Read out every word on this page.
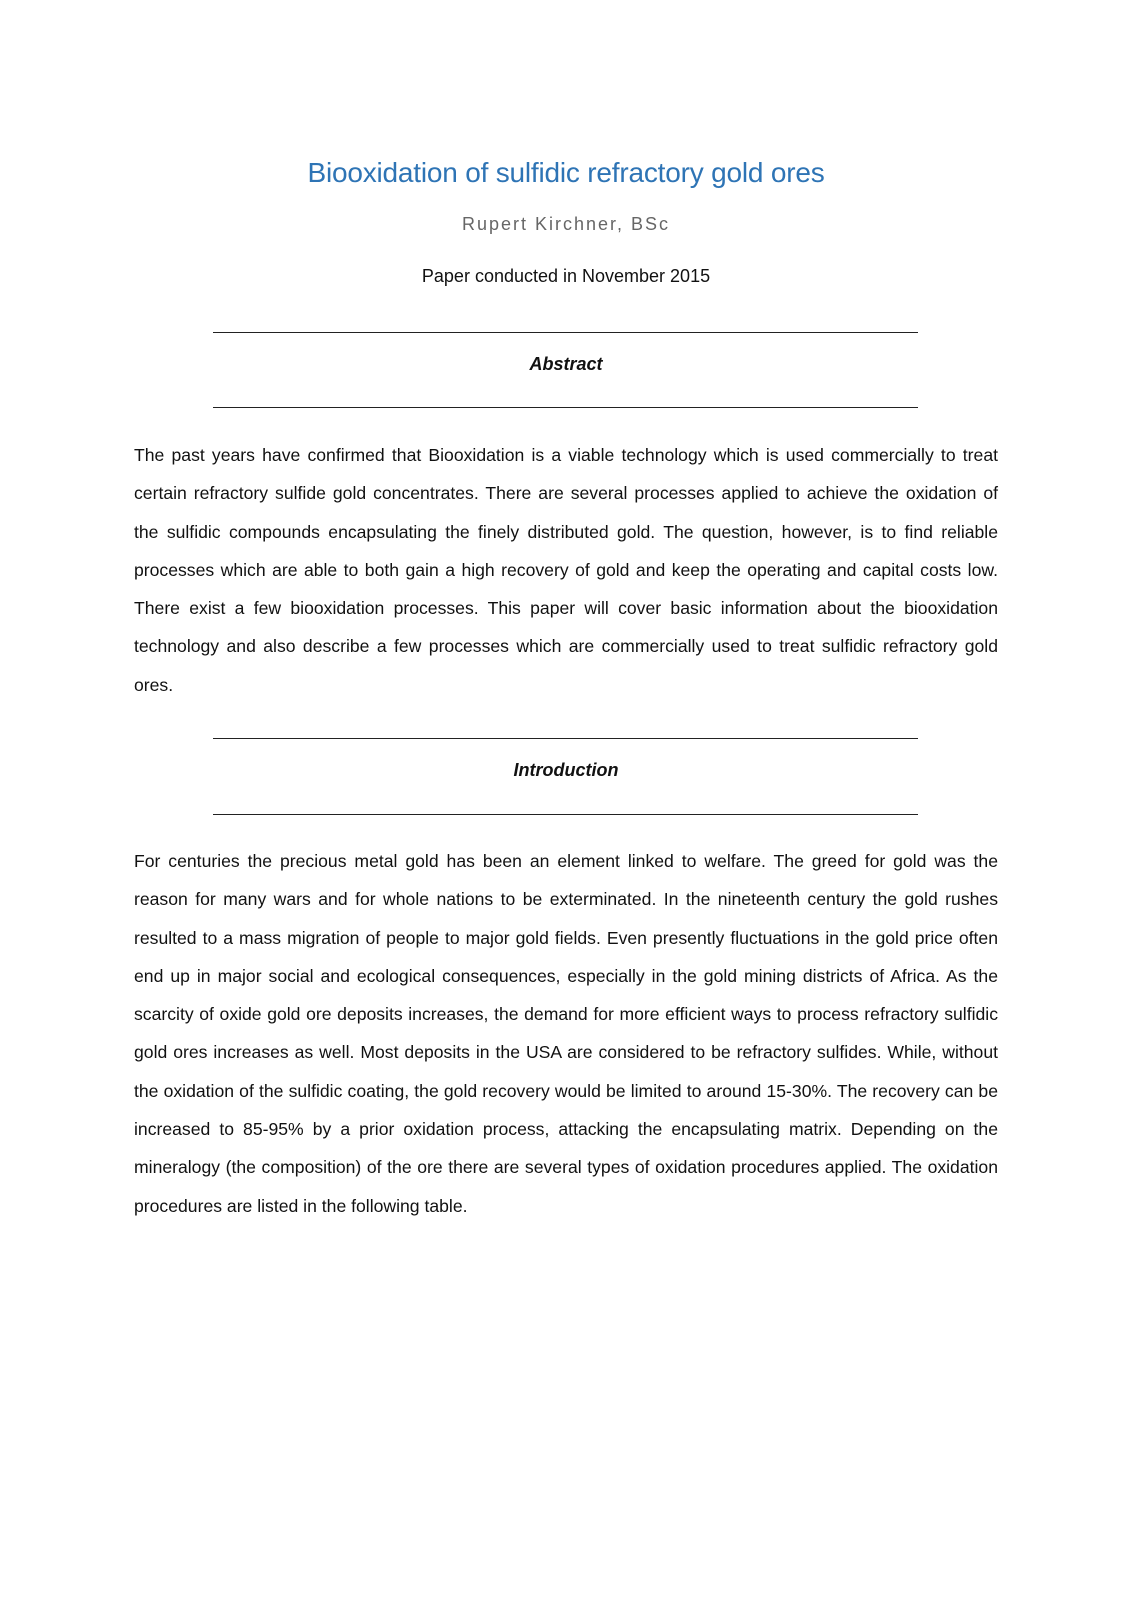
Biooxidation of sulfidic refractory gold ores
Rupert Kirchner, BSc
Paper conducted in November 2015
Abstract

The past years have confirmed that Biooxidation is a viable technology which is used commercially to treat certain refractory sulfide gold concentrates. There are several processes applied to achieve the oxidation of the sulfidic compounds encapsulating the finely distributed gold. The question, however, is to find reliable processes which are able to both gain a high recovery of gold and keep the operating and capital costs low. There exist a few biooxidation processes. This paper will cover basic information about the biooxidation technology and also describe a few processes which are commercially used to treat sulfidic refractory gold ores.

Introduction

For centuries the precious metal gold has been an element linked to welfare. The greed for gold was the reason for many wars and for whole nations to be exterminated. In the nineteenth century the gold rushes resulted to a mass migration of people to major gold fields. Even presently fluctuations in the gold price often end up in major social and ecological consequences, especially in the gold mining districts of Africa. As the scarcity of oxide gold ore deposits increases, the demand for more efficient ways to process refractory sulfidic gold ores increases as well. Most deposits in the USA are considered to be refractory sulfides. While, without the oxidation of the sulfidic coating, the gold recovery would be limited to around 15-30%. The recovery can be increased to 85-95% by a prior oxidation process, attacking the encapsulating matrix. Depending on the mineralogy (the composition) of the ore there are several types of oxidation procedures applied. The oxidation procedures are listed in the following table.
